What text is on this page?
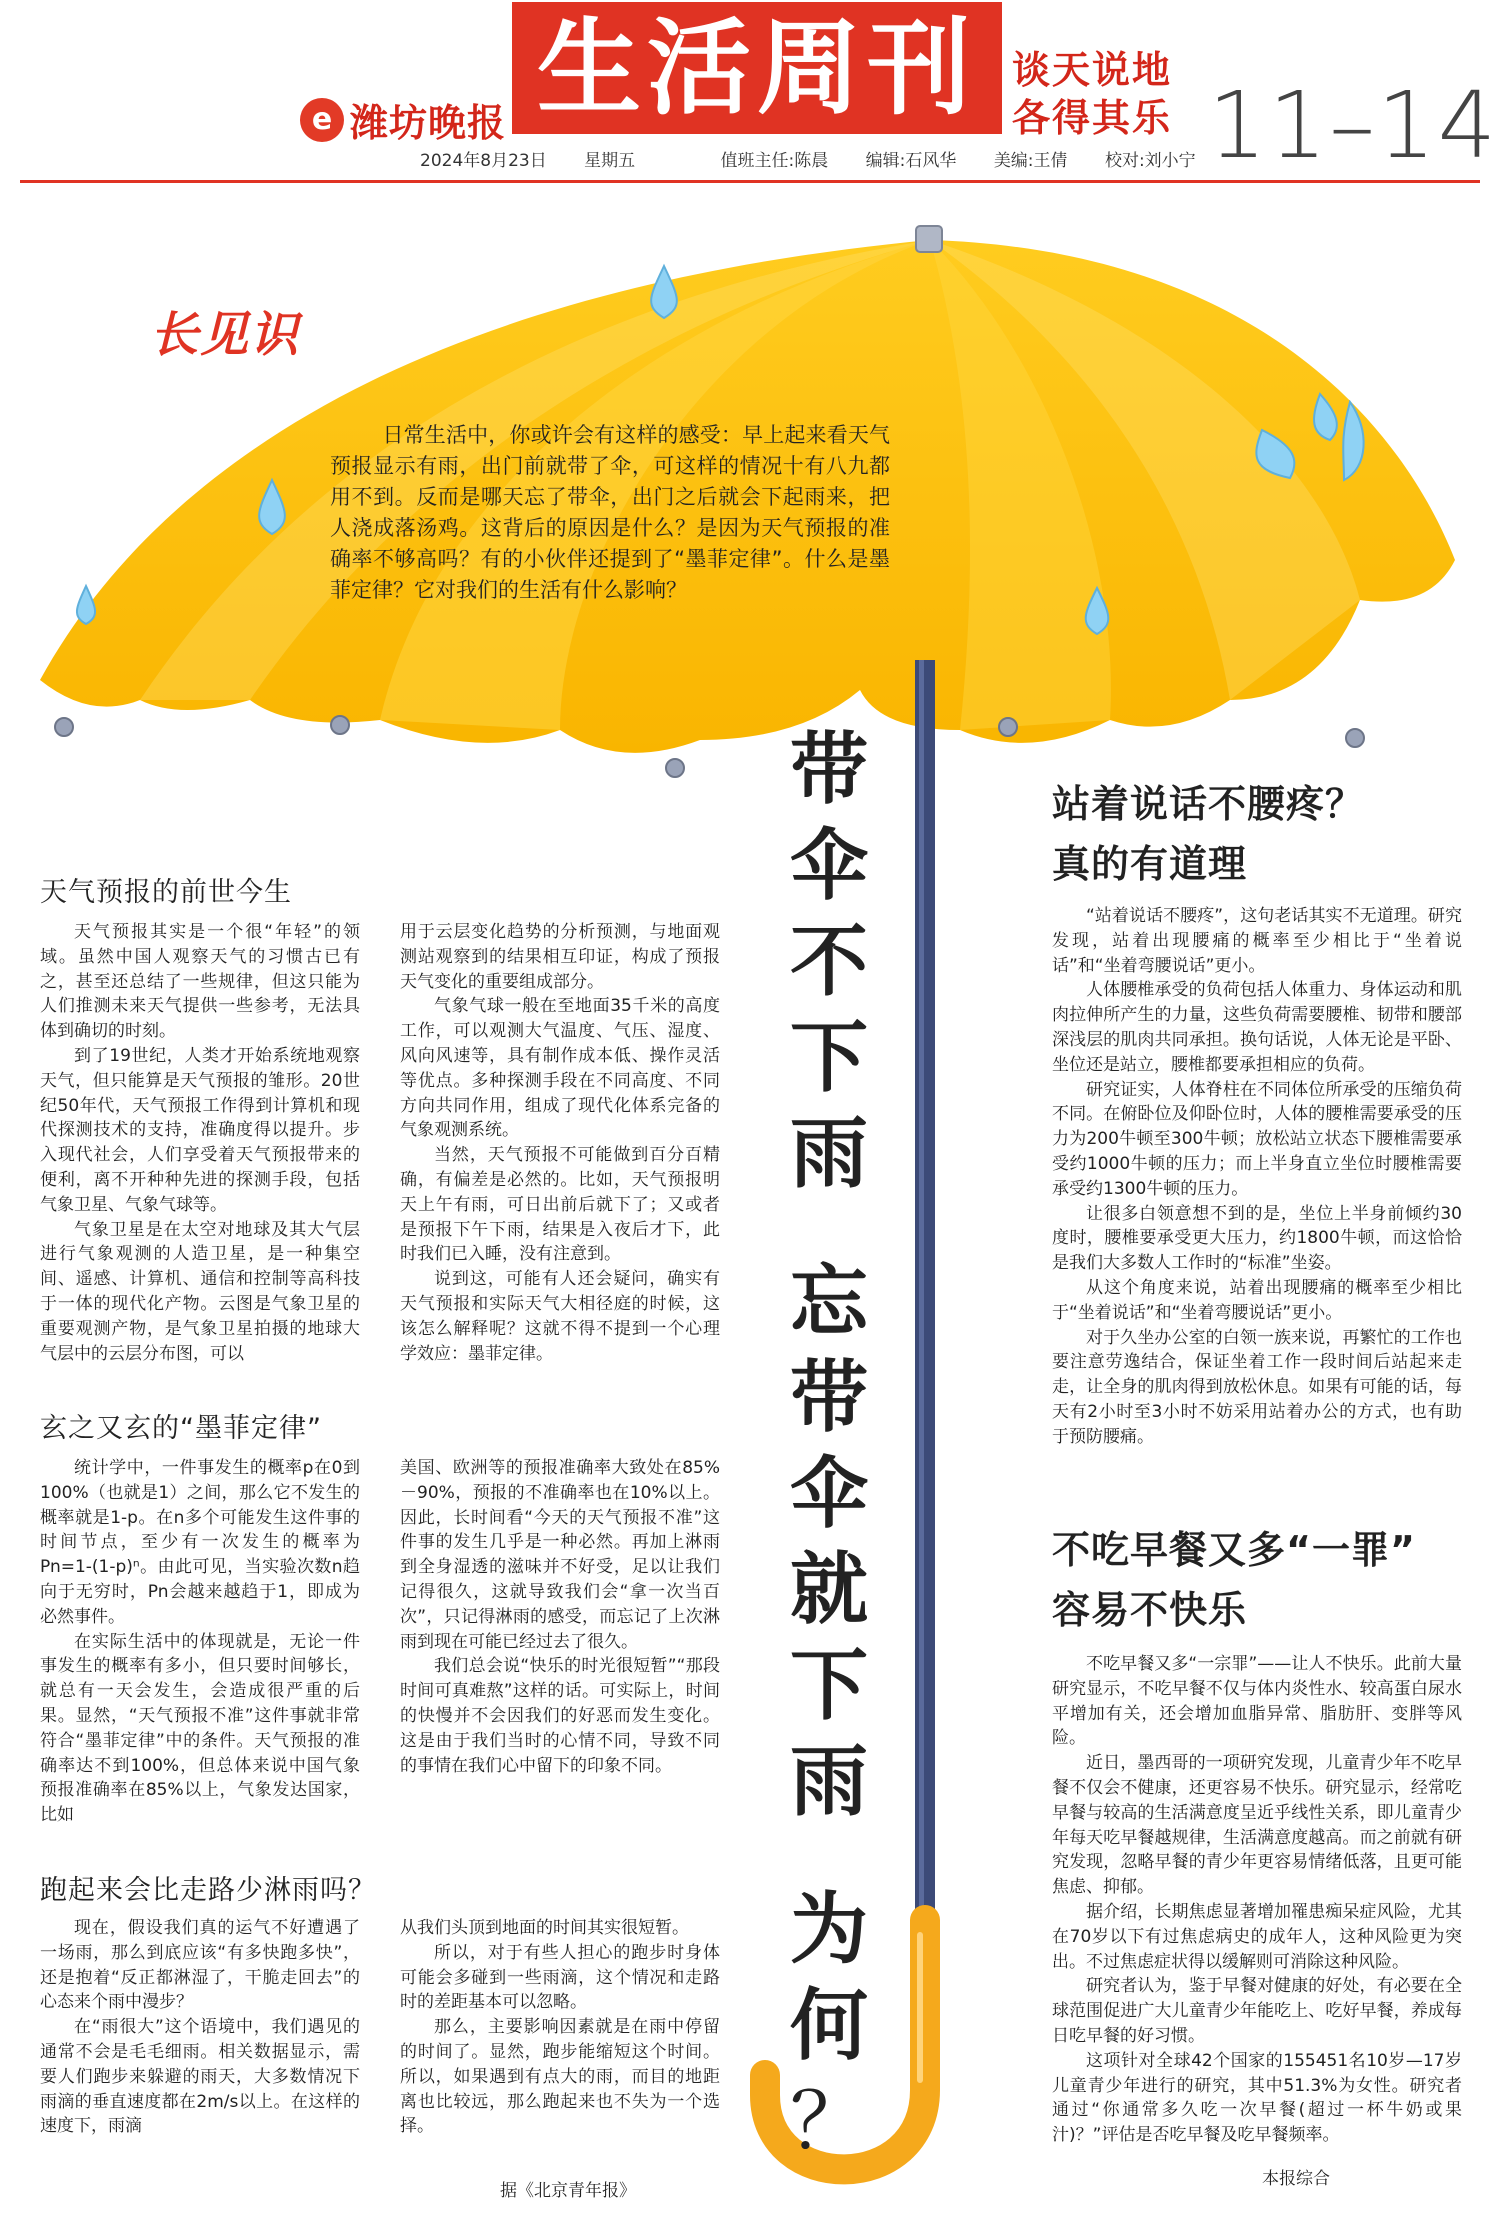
e 潍坊晚报 生活周刊 谈天说地
各得其乐 11–14
2024年8月23日 星期五	值班主任:陈晨 编辑:石风华 美编:王倩 校对:刘小宁
长见识
日常生活中，你或许会有这样的感受：早上起来看天气预报显示有雨，出门前就带了伞，可这样的情况十有八九都用不到。反而是哪天忘了带伞，出门之后就会下起雨来，把人浇成落汤鸡。这背后的原因是什么？是因为天气预报的准确率不够高吗？有的小伙伴还提到了“墨菲定律”。什么是墨菲定律？它对我们的生活有什么影响？
带伞不下雨
忘带伞就下雨
为何
？
天气预报的前世今生

天气预报其实是一个很“年轻”的领域。虽然中国人观察天气的习惯古已有之，甚至还总结了一些规律，但这只能为人们推测未来天气提供一些参考，无法具体到确切的时刻。

到了19世纪，人类才开始系统地观察天气，但只能算是天气预报的雏形。20世纪50年代，天气预报工作得到计算机和现代探测技术的支持，准确度得以提升。步入现代社会，人们享受着天气预报带来的便利，离不开种种先进的探测手段，包括气象卫星、气象气球等。

气象卫星是在太空对地球及其大气层进行气象观测的人造卫星，是一种集空间、遥感、计算机、通信和控制等高科技于一体的现代化产物。云图是气象卫星的重要观测产物，是气象卫星拍摄的地球大气层中的云层分布图，可以

用于云层变化趋势的分析预测，与地面观测站观察到的结果相互印证，构成了预报天气变化的重要组成部分。

气象气球一般在至地面35千米的高度工作，可以观测大气温度、气压、湿度、风向风速等，具有制作成本低、操作灵活等优点。多种探测手段在不同高度、不同方向共同作用，组成了现代化体系完备的气象观测系统。

当然，天气预报不可能做到百分百精确，有偏差是必然的。比如，天气预报明天上午有雨，可日出前后就下了；又或者是预报下午下雨，结果是入夜后才下，此时我们已入睡，没有注意到。

说到这，可能有人还会疑问，确实有天气预报和实际天气大相径庭的时候，这该怎么解释呢？这就不得不提到一个心理学效应：墨菲定律。

玄之又玄的“墨菲定律”

统计学中，一件事发生的概率p在0到100%（也就是1）之间，那么它不发生的概率就是1-p。在n多个可能发生这件事的时间节点，至少有一次发生的概率为Pn=1-(1-p)ⁿ。由此可见，当实验次数n趋向于无穷时，Pn会越来越趋于1，即成为必然事件。

在实际生活中的体现就是，无论一件事发生的概率有多小，但只要时间够长，就总有一天会发生，会造成很严重的后果。显然，“天气预报不准”这件事就非常符合“墨菲定律”中的条件。天气预报的准确率达不到100%，但总体来说中国气象预报准确率在85%以上，气象发达国家，比如

美国、欧洲等的预报准确率大致处在85%－90%，预报的不准确率也在10%以上。因此，长时间看“今天的天气预报不准”这件事的发生几乎是一种必然。再加上淋雨到全身湿透的滋味并不好受，足以让我们记得很久，这就导致我们会“拿一次当百次”，只记得淋雨的感受，而忘记了上次淋雨到现在可能已经过去了很久。

我们总会说“快乐的时光很短暂”“那段时间可真难熬”这样的话。可实际上，时间的快慢并不会因我们的好恶而发生变化。这是由于我们当时的心情不同，导致不同的事情在我们心中留下的印象不同。

跑起来会比走路少淋雨吗？

现在，假设我们真的运气不好遭遇了一场雨，那么到底应该“有多快跑多快”，还是抱着“反正都淋湿了，干脆走回去”的心态来个雨中漫步？

在“雨很大”这个语境中，我们遇见的通常不会是毛毛细雨。相关数据显示，需要人们跑步来躲避的雨天，大多数情况下雨滴的垂直速度都在2m/s以上。在这样的速度下，雨滴

从我们头顶到地面的时间其实很短暂。

所以，对于有些人担心的跑步时身体可能会多碰到一些雨滴，这个情况和走路时的差距基本可以忽略。

那么，主要影响因素就是在雨中停留的时间了。显然，跑步能缩短这个时间。所以，如果遇到有点大的雨，而目的地距离也比较远，那么跑起来也不失为一个选择。

据《北京青年报》
站着说话不腰疼？
真的有道理

“站着说话不腰疼”，这句老话其实不无道理。研究发现，站着出现腰痛的概率至少相比于“坐着说话”和“坐着弯腰说话”更小。

人体腰椎承受的负荷包括人体重力、身体运动和肌肉拉伸所产生的力量，这些负荷需要腰椎、韧带和腰部深浅层的肌肉共同承担。换句话说，人体无论是平卧、坐位还是站立，腰椎都要承担相应的负荷。

研究证实，人体脊柱在不同体位所承受的压缩负荷不同。在俯卧位及仰卧位时，人体的腰椎需要承受的压力为200牛顿至300牛顿；放松站立状态下腰椎需要承受约1000牛顿的压力；而上半身直立坐位时腰椎需要承受约1300牛顿的压力。

让很多白领意想不到的是，坐位上半身前倾约30度时，腰椎要承受更大压力，约1800牛顿，而这恰恰是我们大多数人工作时的“标准”坐姿。

从这个角度来说，站着出现腰痛的概率至少相比于“坐着说话”和“坐着弯腰说话”更小。

对于久坐办公室的白领一族来说，再繁忙的工作也要注意劳逸结合，保证坐着工作一段时间后站起来走走，让全身的肌肉得到放松休息。如果有可能的话，每天有2小时至3小时不妨采用站着办公的方式，也有助于预防腰痛。

不吃早餐又多“一罪”
容易不快乐

不吃早餐又多“一宗罪”——让人不快乐。此前大量研究显示，不吃早餐不仅与体内炎性水、较高蛋白尿水平增加有关，还会增加血脂异常、脂肪肝、变胖等风险。

近日，墨西哥的一项研究发现，儿童青少年不吃早餐不仅会不健康，还更容易不快乐。研究显示，经常吃早餐与较高的生活满意度呈近乎线性关系，即儿童青少年每天吃早餐越规律，生活满意度越高。而之前就有研究发现，忽略早餐的青少年更容易情绪低落，且更可能焦虑、抑郁。

据介绍，长期焦虑显著增加罹患痴呆症风险，尤其在70岁以下有过焦虑病史的成年人，这种风险更为突出。不过焦虑症状得以缓解则可消除这种风险。

研究者认为，鉴于早餐对健康的好处，有必要在全球范围促进广大儿童青少年能吃上、吃好早餐，养成每日吃早餐的好习惯。

这项针对全球42个国家的155451名10岁—17岁儿童青少年进行的研究，其中51.3%为女性。研究者通过“你通常多久吃一次早餐(超过一杯牛奶或果汁)？”评估是否吃早餐及吃早餐频率。

本报综合
